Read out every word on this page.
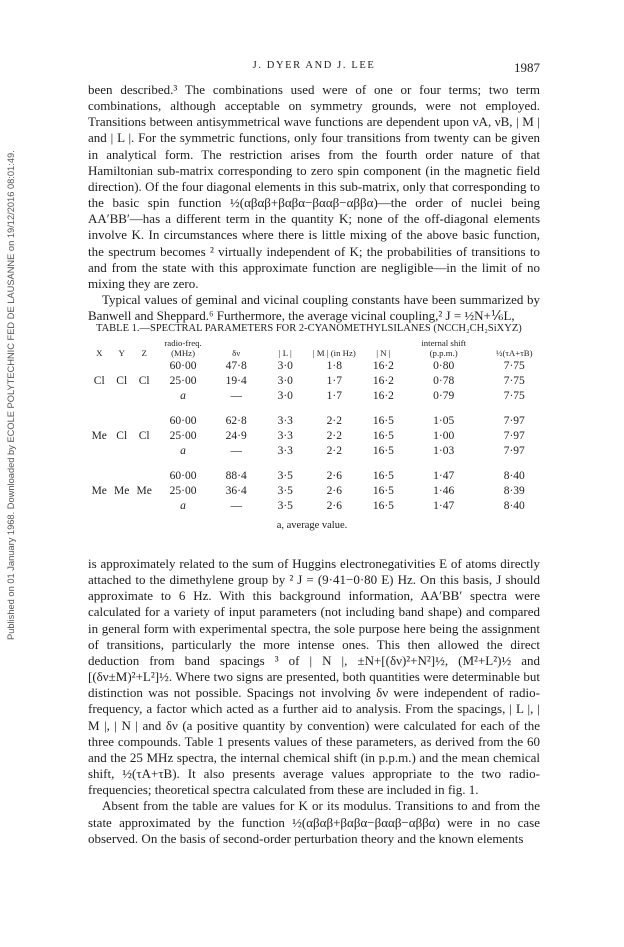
Published on 01 January 1968. Downloaded by ECOLE POLYTECHNIC FED DE LAUSANNE on 19/12/2016 08:01:49.
J. DYER AND J. LEE	1987

been described.³ The combinations used were of one or four terms; two term combinations, although acceptable on symmetry grounds, were not employed. Transitions between antisymmetrical wave functions are dependent upon νA, νB, | M | and | L |. For the symmetric functions, only four transitions from twenty can be given in analytical form. The restriction arises from the fourth order nature of that Hamiltonian sub-matrix corresponding to zero spin component (in the magnetic field direction). Of the four diagonal elements in this sub-matrix, only that corresponding to the basic spin function ½(αβαβ+βαβα−βααβ−αββα)—the order of nuclei being AA′BB′—has a different term in the quantity K; none of the off-diagonal elements involve K. In circumstances where there is little mixing of the above basic function, the spectrum becomes ² virtually independent of K; the probabilities of transitions to and from the state with this approximate function are negligible—in the limit of no mixing they are zero.

Typical values of geminal and vicinal coupling constants have been summarized by Banwell and Sheppard.⁶ Furthermore, the average vicinal coupling,² J = ½N+⅙L,

TABLE 1.—SPECTRAL PARAMETERS FOR 2-CYANOMETHYLSILANES (NCCH₂CH₂SiXYZ)
X	Y	Z	radio-freq. (MHz)	δν	| L |	| M | (in Hz)	| N |	internal shift (p.p.m.)	½(τA+τB)
			60·00	47·8	3·0	1·8	16·2	0·80	7·75
Cl	Cl	Cl	25·00	19·4	3·0	1·7	16·2	0·78	7·75
			a	—	3·0	1·7	16·2	0·79	7·75

			60·00	62·8	3·3	2·2	16·5	1·05	7·97
Me	Cl	Cl	25·00	24·9	3·3	2·2	16·5	1·00	7·97
			a	—	3·3	2·2	16·5	1·03	7·97

			60·00	88·4	3·5	2·6	16·5	1·47	8·40
Me	Me	Me	25·00	36·4	3·5	2·6	16·5	1·46	8·39
			a	—	3·5	2·6	16·5	1·47	8·40
a, average value.

is approximately related to the sum of Huggins electronegativities E of atoms directly attached to the dimethylene group by ² J = (9·41−0·80 E) Hz. On this basis, J should approximate to 6 Hz. With this background information, AA′BB′ spectra were calculated for a variety of input parameters (not including band shape) and compared in general form with experimental spectra, the sole purpose here being the assignment of transitions, particularly the more intense ones. This then allowed the direct deduction from band spacings ³ of | N |, ±N+[(δν)²+N²]½, (M²+L²)½ and [(δν±M)²+L²]½. Where two signs are presented, both quantities were determinable but distinction was not possible. Spacings not involving δν were independent of radio-frequency, a factor which acted as a further aid to analysis. From the spacings, | L |, | M |, | N | and δν (a positive quantity by convention) were calculated for each of the three compounds. Table 1 presents values of these parameters, as derived from the 60 and the 25 MHz spectra, the internal chemical shift (in p.p.m.) and the mean chemical shift, ½(τA+τB). It also presents average values appropriate to the two radio-frequencies; theoretical spectra calculated from these are included in fig. 1.

Absent from the table are values for K or its modulus. Transitions to and from the state approximated by the function ½(αβαβ+βαβα−βααβ−αββα) were in no case observed. On the basis of second-order perturbation theory and the known elements
